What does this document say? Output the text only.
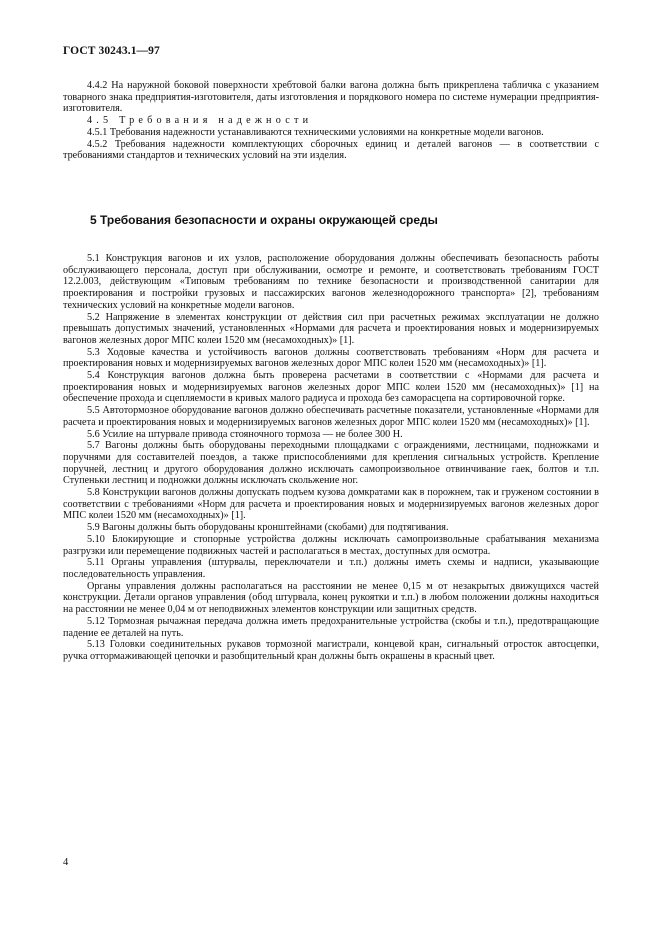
ГОСТ 30243.1—97

4.4.2 На наружной боковой поверхности хребтовой балки вагона должна быть прикреплена табличка с указанием товарного знака предприятия-изготовителя, даты изготовления и порядкового номера по системе нумерации предприятия-изготовителя.

4.5 Требования надежности

4.5.1 Требования надежности устанавливаются техническими условиями на конкретные модели вагонов.

4.5.2 Требования надежности комплектующих сборочных единиц и деталей вагонов — в соответствии с требованиями стандартов и технических условий на эти изделия.

5 Требования безопасности и охраны окружающей среды

5.1 Конструкция вагонов и их узлов, расположение оборудования должны обеспечивать безопасность работы обслуживающего персонала, доступ при обслуживании, осмотре и ремонте, и соответствовать требованиям ГОСТ 12.2.003, действующим «Типовым требованиям по технике безопасности и производственной санитарии для проектирования и постройки грузовых и пассажирских вагонов железнодорожного транспорта» [2], требованиям технических условий на конкретные модели вагонов.

5.2 Напряжение в элементах конструкции от действия сил при расчетных режимах эксплуатации не должно превышать допустимых значений, установленных «Нормами для расчета и проектирования новых и модернизируемых вагонов железных дорог МПС колеи 1520 мм (несамоходных)» [1].

5.3 Ходовые качества и устойчивость вагонов должны соответствовать требованиям «Норм для расчета и проектирования новых и модернизируемых вагонов железных дорог МПС колеи 1520 мм (несамоходных)» [1].

5.4 Конструкция вагонов должна быть проверена расчетами в соответствии с «Нормами для расчета и проектирования новых и модернизируемых вагонов железных дорог МПС колеи 1520 мм (несамоходных)» [1] на обеспечение прохода и сцепляемости в кривых малого радиуса и прохода без саморасцепа на сортировочной горке.

5.5 Автотормозное оборудование вагонов должно обеспечивать расчетные показатели, установленные «Нормами для расчета и проектирования новых и модернизируемых вагонов железных дорог МПС колеи 1520 мм (несамоходных)» [1].

5.6 Усилие на штурвале привода стояночного тормоза — не более 300 Н.

5.7 Вагоны должны быть оборудованы переходными площадками с ограждениями, лестницами, подножками и поручнями для составителей поездов, а также приспособлениями для крепления сигнальных устройств. Крепление поручней, лестниц и другого оборудования должно исключать самопроизвольное отвинчивание гаек, болтов и т.п. Ступеньки лестниц и подножки должны исключать скольжение ног.

5.8 Конструкции вагонов должны допускать подъем кузова домкратами как в порожнем, так и груженом состоянии в соответствии с требованиями «Норм для расчета и проектирования новых и модернизируемых вагонов железных дорог МПС колеи 1520 мм (несамоходных)» [1].

5.9 Вагоны должны быть оборудованы кронштейнами (скобами) для подтягивания.

5.10 Блокирующие и стопорные устройства должны исключать самопроизвольные срабатывания механизма разгрузки или перемещение подвижных частей и располагаться в местах, доступных для осмотра.

5.11 Органы управления (штурвалы, переключатели и т.п.) должны иметь схемы и надписи, указывающие последовательность управления.

Органы управления должны располагаться на расстоянии не менее 0,15 м от незакрытых движущихся частей конструкции. Детали органов управления (обод штурвала, конец рукоятки и т.п.) в любом положении должны находиться на расстоянии не менее 0,04 м от неподвижных элементов конструкции или защитных средств.

5.12 Тормозная рычажная передача должна иметь предохранительные устройства (скобы и т.п.), предотвращающие падение ее деталей на путь.

5.13 Головки соединительных рукавов тормозной магистрали, концевой кран, сигнальный отросток автосцепки, ручка оттормаживающей цепочки и разобщительный кран должны быть окрашены в красный цвет.

4
